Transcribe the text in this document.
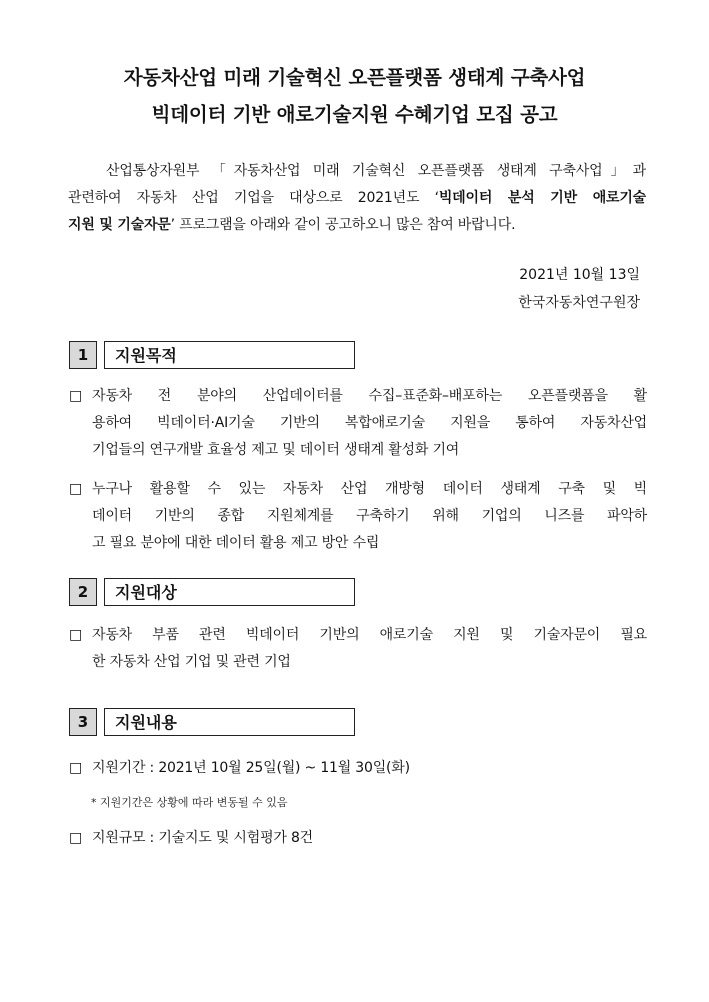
자동차산업 미래 기술혁신 오픈플랫폼 생태계 구축사업
빅데이터 기반 애로기술지원 수혜기업 모집 공고
산업통상자원부 「자동차산업 미래 기술혁신 오픈플랫폼 생태계 구축사업」과
관련하여 자동차 산업 기업을 대상으로 2021년도 ‘빅데이터 분석 기반 애로기술
지원 및 기술자문’ 프로그램을 아래와 같이 공고하오니 많은 참여 바랍니다.
2021년 10월 13일
한국자동차연구원장
1	지원목적
□ 자동차 전 분야의 산업데이터를 수집–표준화–배포하는 오픈플랫폼을 활
용하여 빅데이터·AI기술 기반의 복합애로기술 지원을 통하여 자동차산업
기업들의 연구개발 효율성 제고 및 데이터 생태계 활성화 기여
□ 누구나 활용할 수 있는 자동차 산업 개방형 데이터 생태계 구축 및 빅
데이터 기반의 종합 지원체계를 구축하기 위해 기업의 니즈를 파악하
고 필요 분야에 대한 데이터 활용 제고 방안 수립
2	지원대상
□ 자동차 부품 관련 빅데이터 기반의 애로기술 지원 및 기술자문이 필요
한 자동차 산업 기업 및 관련 기업
3	지원내용
□ 지원기간 : 2021년 10월 25일(월) ~ 11월 30일(화)
* 지원기간은 상황에 따라 변동될 수 있음
□ 지원규모 : 기술지도 및 시험평가 8건
